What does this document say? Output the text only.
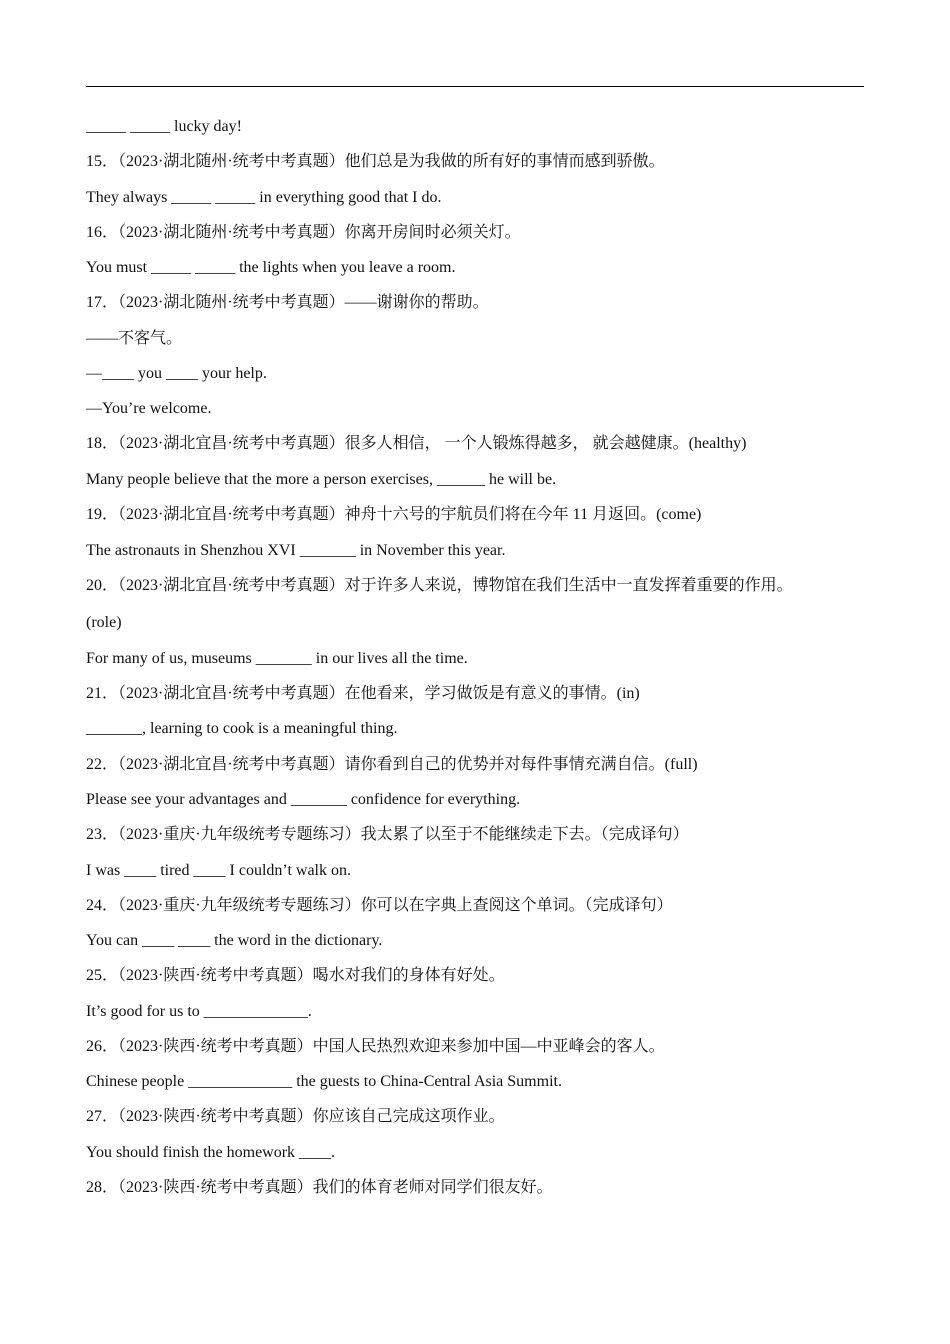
_____ _____ lucky day!
15．（2023·湖北随州·统考中考真题）他们总是为我做的所有好的事情而感到骄傲。
They always _____ _____ in everything good that I do.
16．（2023·湖北随州·统考中考真题）你离开房间时必须关灯。
You must _____ _____ the lights when you leave a room.
17．（2023·湖北随州·统考中考真题）——谢谢你的帮助。
——不客气。
—____ you ____ your help.
—You’re welcome.
18．（2023·湖北宜昌·统考中考真题）很多人相信， 一个人锻炼得越多， 就会越健康。(healthy)
Many people believe that the more a person exercises, ______ he will be.
19．（2023·湖北宜昌·统考中考真题）神舟十六号的宇航员们将在今年 11 月返回。(come)
The astronauts in Shenzhou XVI _______ in November this year.
20．（2023·湖北宜昌·统考中考真题）对于许多人来说，博物馆在我们生活中一直发挥着重要的作用。
(role)
For many of us, museums _______ in our lives all the time.
21．（2023·湖北宜昌·统考中考真题）在他看来，学习做饭是有意义的事情。(in)
_______, learning to cook is a meaningful thing.
22．（2023·湖北宜昌·统考中考真题）请你看到自己的优势并对每件事情充满自信。(full)
Please see your advantages and _______ confidence for everything.
23．（2023·重庆·九年级统考专题练习）我太累了以至于不能继续走下去。（完成译句）
I was ____ tired ____ I couldn’t walk on.
24．（2023·重庆·九年级统考专题练习）你可以在字典上查阅这个单词。（完成译句）
You can ____ ____ the word in the dictionary.
25．（2023·陕西·统考中考真题）喝水对我们的身体有好处。
It’s good for us to _____________.
26．（2023·陕西·统考中考真题）中国人民热烈欢迎来参加中国—中亚峰会的客人。
Chinese people _____________ the guests to China-Central Asia Summit.
27．（2023·陕西·统考中考真题）你应该自己完成这项作业。
You should finish the homework ____.
28．（2023·陕西·统考中考真题）我们的体育老师对同学们很友好。
